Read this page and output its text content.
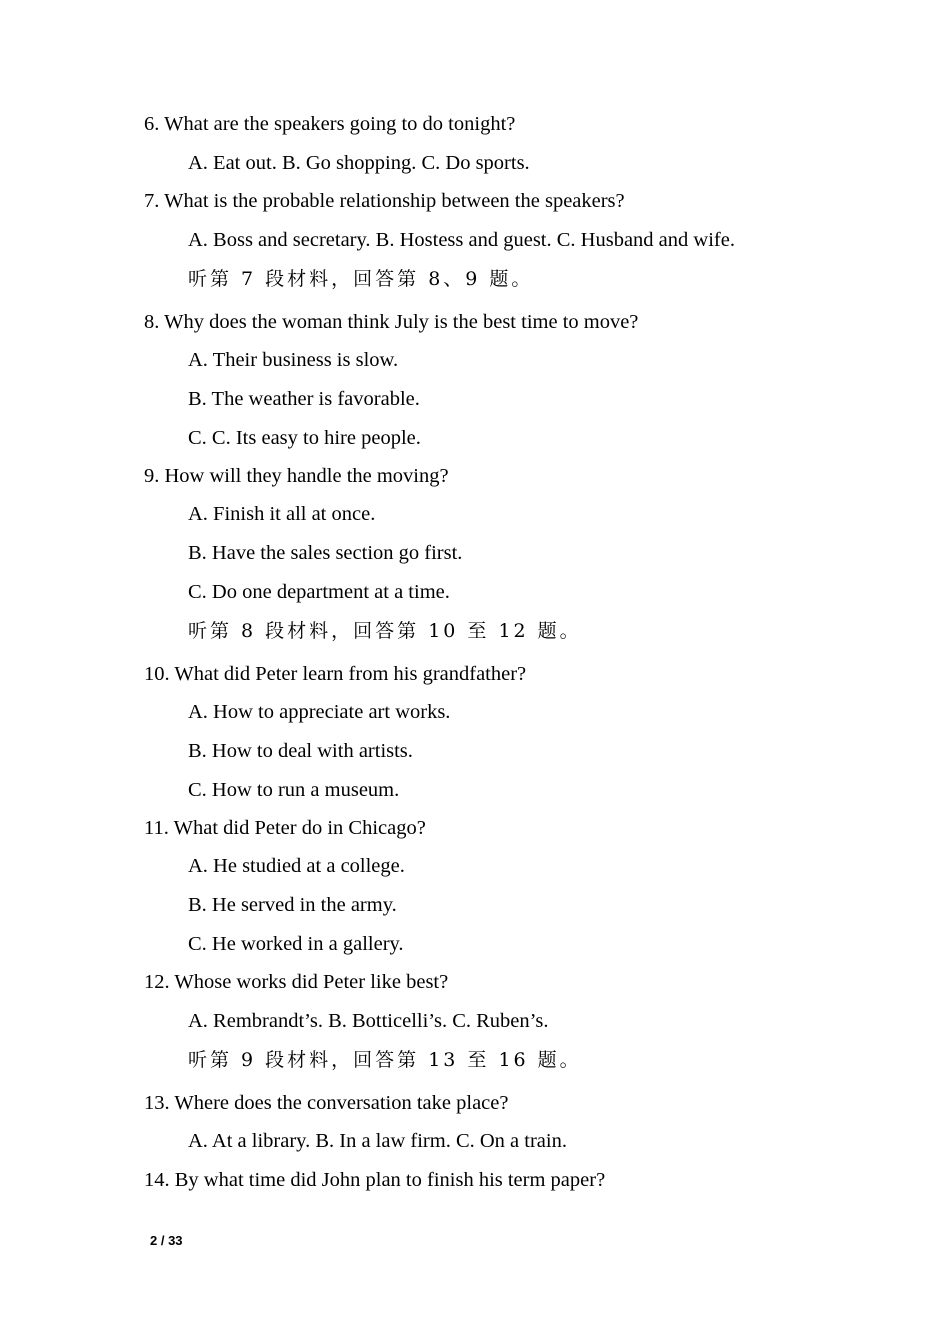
6. What are the speakers going to do tonight?

A. Eat out. B. Go shopping. C. Do sports.

7. What is the probable relationship between the speakers?

A. Boss and secretary. B. Hostess and guest. C. Husband and wife.

听第 7 段材料，回答第 8、9 题。

8. Why does the woman think July is the best time to move?

A. Their business is slow.

B. The weather is favorable.

C. C. Its easy to hire people.

9. How will they handle the moving?

A. Finish it all at once.

B. Have the sales section go first.

C. Do one department at a time.

听第 8 段材料，回答第 10 至 12 题。

10. What did Peter learn from his grandfather?

A. How to appreciate art works.

B. How to deal with artists.

C. How to run a museum.

11. What did Peter do in Chicago?

A. He studied at a college.

B. He served in the army.

C. He worked in a gallery.

12. Whose works did Peter like best?

A. Rembrandt’s. B. Botticelli’s. C. Ruben’s.

听第 9 段材料，回答第 13 至 16 题。

13. Where does the conversation take place?

A. At a library. B. In a law firm. C. On a train.

14. By what time did John plan to finish his term paper?

2 / 33
